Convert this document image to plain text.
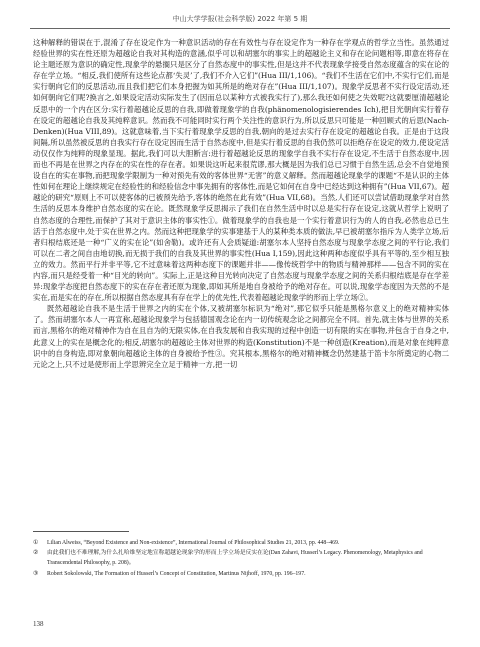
中山大学学报(社会科学版) 2022 年第 5 期

这种解释的错误在于,混淆了存在设定作为一种意识活动的存在有效性与存在设定作为一种存在学观点的哲学立当性。虽然通过经验世界的实在性还原为超越论自我对其构造的意涵,似乎可以和胡塞尔的事实上的超越论主义和存在论问题相等,即意在将存在论主题还原为意识的确定性,现象学的悬搁只是区分了自然态度中的事实性,但是这并不代表现象学接受自然态度蕴含的实在论的存在学立场。“相反,我们使所有这些论点都‘失灵’了,我们不介入它们”(Hua III/1,106)。“我们不生活在它们中,不实行它们,而是实行朝向它们的反思活动,而且我们把它们本身把握为如其所是的绝对存在”(Hua III/1,107)。现象学反思者不实行设定活动,还如何朝向它们呢?换言之,如果设定活动实际发生了(因而总以某种方式被我实行了),那么我还如何使之失效呢?这就要厘清超越论反思中的一个内在区分:实行着超越论反思的自我,即做着现象学的自我(phänomenologisierendes Ich),把目光朝向实行着存在设定的超越论自我及其纯粹意识。然而我不可能同时实行两个关注性的意识行为,所以反思只可能是一种回顾式的后思(Nach-Denken)(Hua VIII,89)。这就意味着,当下实行着现象学反思的自我,朝向的是过去实行存在设定的超越论自我。正是由于这段间隔,所以虽然被反思的自我实行存在设定因而生活于自然态度中,但是实行着反思的自我仍然可以拒绝存在设定的效力,使设定活动仅仅作为纯粹的现象显现。据此,我们可以大胆断言:进行着超越论反思的现象学自我不实行存在设定,不生活于自然态度中,因而也不再是在世界之内存在的实在性的存在者。如果说这听起来很荒谬,那大概是因为我们总已习惯于自然生活,总会不自觉地预设自在的实在事物,而把现象学限制为一种对预先有效的客体世界“无害”的意义解释。然而超越论现象学的课题“不是认识的主体性如何在理论上继续规定在经验性的和经验信念中事先拥有的客体性,而是它如何在自身中已经达到这种拥有”(Hua VII,67)。超越论的研究“原则上不可以使客体的已被预先给予,客体的绝然在此有效”(Hua VII,68)。当然,人们还可以尝试借助现象学对自然生活的反思本身维护自然态度的实在论。既然现象学反思揭示了我们在自然生活中时以总是实行存在设定,这就从哲学上说明了自然态度的合理性,而保护了其对于意识主体的事实性①。做着现象学的自我也是一个实行着意识行为的人的自我,必然也总已生活于自然态度中,处于实在世界之内。然而这种把现象学的实事建基于人的某种类本质的做法,早已被胡塞尔指斥为人类学立场,后者归根结底还是一种“广义的实在论”(如舍勒)。或许还有人会质疑道:胡塞尔本人坚持自然态度与现象学态度之间的平行论,我们可以在二者之间自由地切换,而无损于我们的自我及其世界的事实性(Hua I,159),因此这种两种态度似乎具有平等的,至少相互独立的效力。然而平行并非平等,它不过意味着这两种态度下的课题并非——像传统哲学中的物质与精神那样——包含不同的实在内容,而只是经受着一种“目光的转向”。实际上,正是这种目光转向决定了自然态度与现象学态度之间的关系归根结底是存在学差异:现象学态度把自然态度下的实在存在者还原为现象,即如其所是地自身被给予的绝对存在。可以说,现象学态度因为天然的不是实在,而是实在的存在,所以根据自然态度具有存在学上的优先性,代表着超越论现象学的形而上学立场②。

既然超越论自我不是生活于世界之内的实在个体,又被胡塞尔标识为“绝对”,那它似乎只能是黑格尔意义上的绝对精神实体了。然而胡塞尔本人一再宣称,超越论现象学与包括德国观念论在内一切传统观念论之间都完全不同。首先,就主体与世界的关系而言,黑格尔的绝对精神作为自在且自为的无限实体,在自我发展和自我实现的过程中创造一切有限的实在事物,并包含于自身之中,此意义上的实在是概念化的;相反,胡塞尔的超越论主体对世界的构造(Konstitution)不是一种创造(Kreation),而是对象在纯粹意识中的自身构造,即对象朝向超越论主体的自身被给予性③。究其根本,黑格尔的绝对精神概念仍然建基于笛卡尔所奠定的心物二元论之上,只不过是使形而上学思辨完全立足于精神一方,把一切

① Lilian Alweiss, “Beyond Existence and Non-existence”, International Journal of Philosophical Studies 21, 2013, pp. 448–469.

② 由此我们也不难理解,为什么扎哈维坚定地宣称超越论现象学的形而上学立场是反实在论(Dan Zahavi, Husserl’s Legacy. Phenomenology, Metaphysics and Transcendental Philosophy, p. 208)。

③ Robert Sokolowski, The Formation of Husserl’s Concept of Constitution, Martinus Nijhoff, 1970, pp. 196–197.

138
